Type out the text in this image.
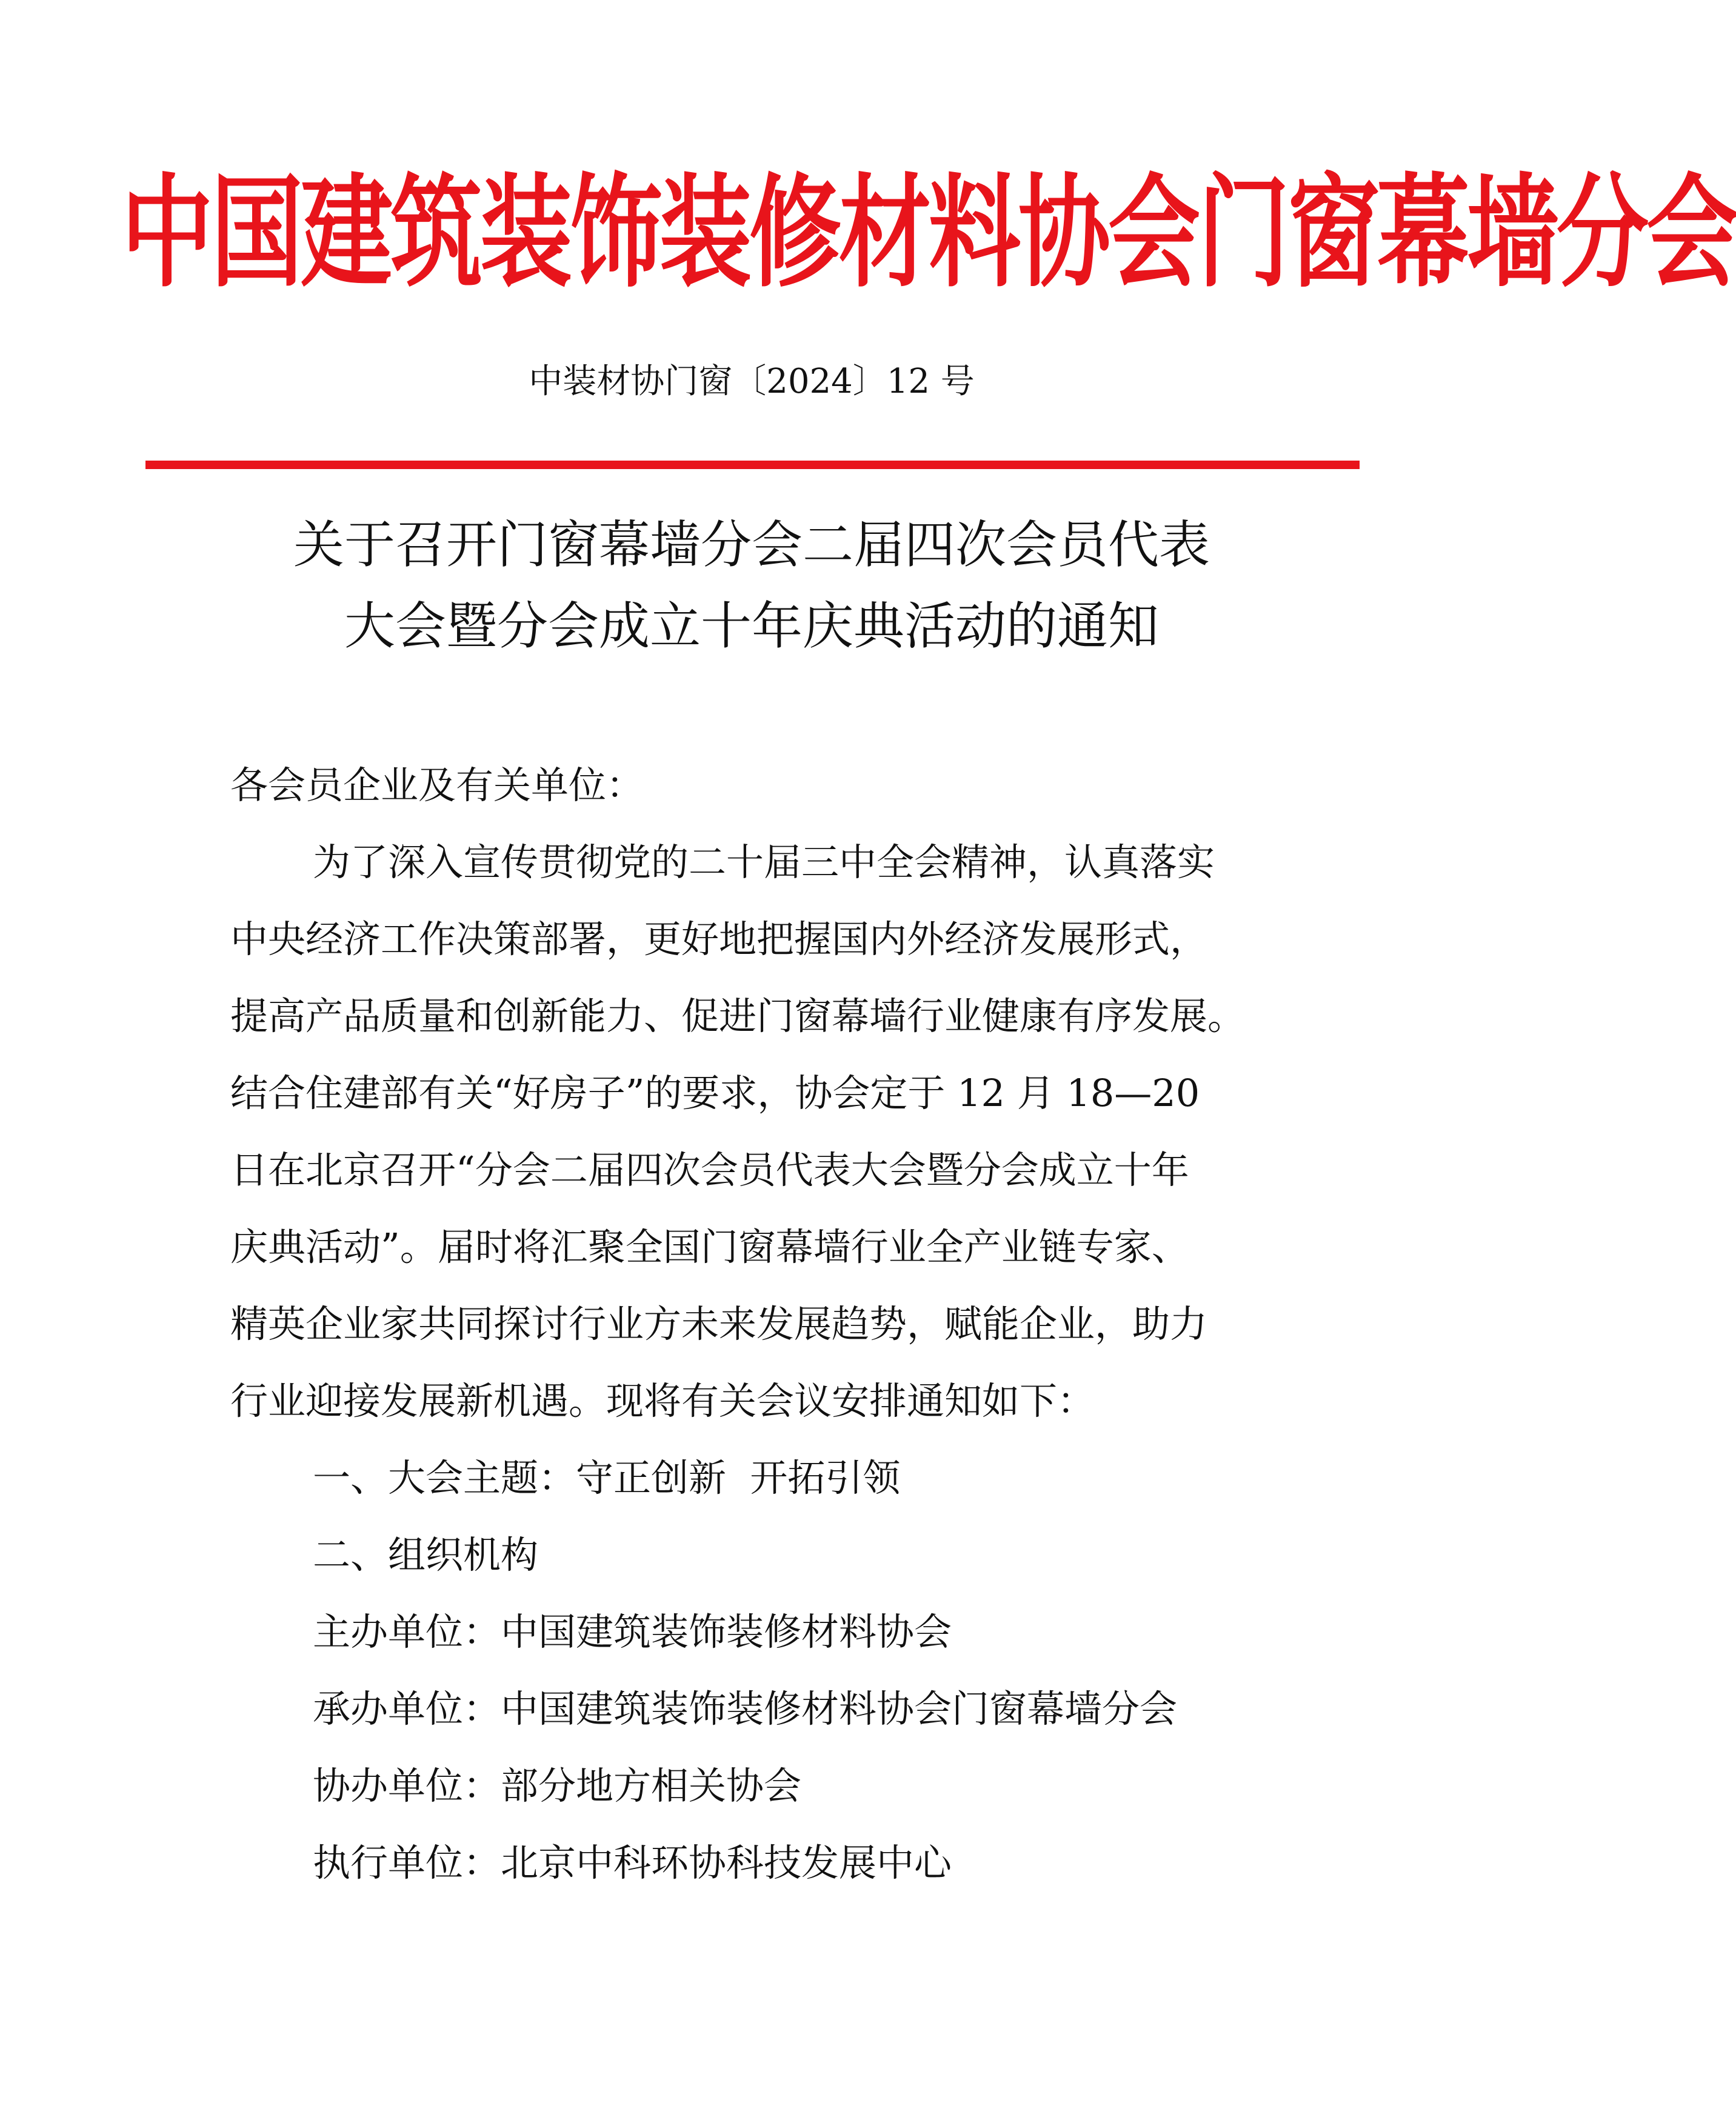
中国建筑装饰装修材料协会门窗幕墙分会
中装材协门窗〔2024〕12 号
关于召开门窗幕墙分会二届四次会员代表
大会暨分会成立十年庆典活动的通知
各会员企业及有关单位：
为了深入宣传贯彻党的二十届三中全会精神，认真落实
中央经济工作决策部署，更好地把握国内外经济发展形式，
提高产品质量和创新能力、促进门窗幕墙行业健康有序发展。
结合住建部有关“好房子”的要求，协会定于 12 月 18—20
日在北京召开“分会二届四次会员代表大会暨分会成立十年
庆典活动”。届时将汇聚全国门窗幕墙行业全产业链专家、
精英企业家共同探讨行业方未来发展趋势，赋能企业，助力
行业迎接发展新机遇。现将有关会议安排通知如下：
一、大会主题：守正创新  开拓引领
二、组织机构
主办单位：中国建筑装饰装修材料协会
承办单位：中国建筑装饰装修材料协会门窗幕墙分会
协办单位：部分地方相关协会
执行单位：北京中科环协科技发展中心
